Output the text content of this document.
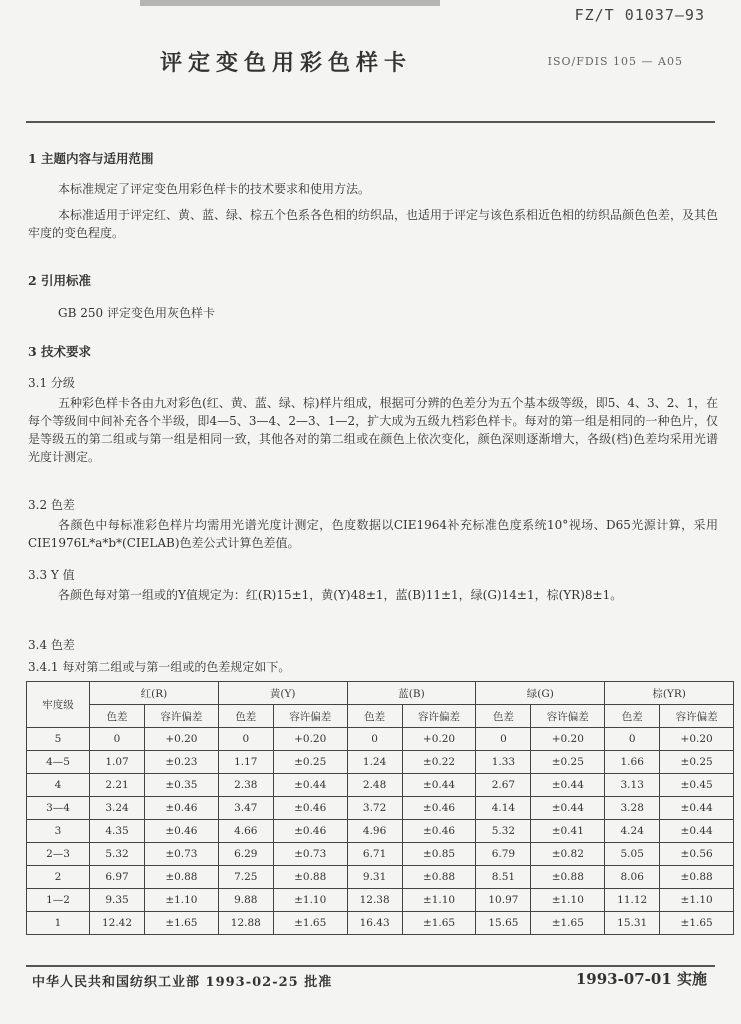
FZ/T 01037—93
评定变色用彩色样卡	ISO/FDIS 105 — A05
1 主题内容与适用范围
本标准规定了评定变色用彩色样卡的技术要求和使用方法。
本标准适用于评定红、黄、蓝、绿、棕五个色系各色相的纺织品，也适用于评定与该色系相近色相的纺织品颜色色差，及其色牢度的变色程度。
2 引用标准
GB 250 评定变色用灰色样卡
3 技术要求
3.1 分级
五种彩色样卡各由九对彩色(红、黄、蓝、绿、棕)样片组成，根据可分辨的色差分为五个基本级等级，即5、4、3、2、1，在每个等级间中间补充各个半级，即4—5、3—4、2—3、1—2，扩大成为五级九档彩色样卡。每对的第一组是相同的一种色片，仅是等级五的第二组或与第一组是相同一致，其他各对的第二组或在颜色上依次变化，颜色深则逐渐增大，各级(档)色差均采用光谱光度计测定。
3.2 色差
各颜色中每标准彩色样片均需用光谱光度计测定，色度数据以CIE1964补充标准色度系统10°视场、D65光源计算，采用CIE1976L*a*b*(CIELAB)色差公式计算色差值。
3.3 Y 值
各颜色每对第一组或的Y值规定为：红(R)15±1，黄(Y)48±1，蓝(B)11±1，绿(G)14±1，棕(YR)8±1。
3.4 色差
3.4.1 每对第二组或与第一组或的色差规定如下。
牢度级	红(R)		黄(Y)		蓝(B)		绿(G)		棕(YR)	
	色差	容许偏差	色差	容许偏差	色差	容许偏差	色差	容许偏差	色差	容许偏差
5	0	+0.20	0	+0.20	0	+0.20	0	+0.20	0	+0.20
4—5	1.07	±0.23	1.17	±0.25	1.24	±0.22	1.33	±0.25	1.66	±0.25
4	2.21	±0.35	2.38	±0.44	2.48	±0.44	2.67	±0.44	3.13	±0.45
3—4	3.24	±0.46	3.47	±0.46	3.72	±0.46	4.14	±0.44	3.28	±0.44
3	4.35	±0.46	4.66	±0.46	4.96	±0.46	5.32	±0.41	4.24	±0.44
2—3	5.32	±0.73	6.29	±0.73	6.71	±0.85	6.79	±0.82	5.05	±0.56
2	6.97	±0.88	7.25	±0.88	9.31	±0.88	8.51	±0.88	8.06	±0.88
1—2	9.35	±1.10	9.88	±1.10	12.38	±1.10	10.97	±1.10	11.12	±1.10
1	12.42	±1.65	12.88	±1.65	16.43	±1.65	15.65	±1.65	15.31	±1.65
中华人民共和国纺织工业部 1993-02-25 批准	1993-07-01 实施
